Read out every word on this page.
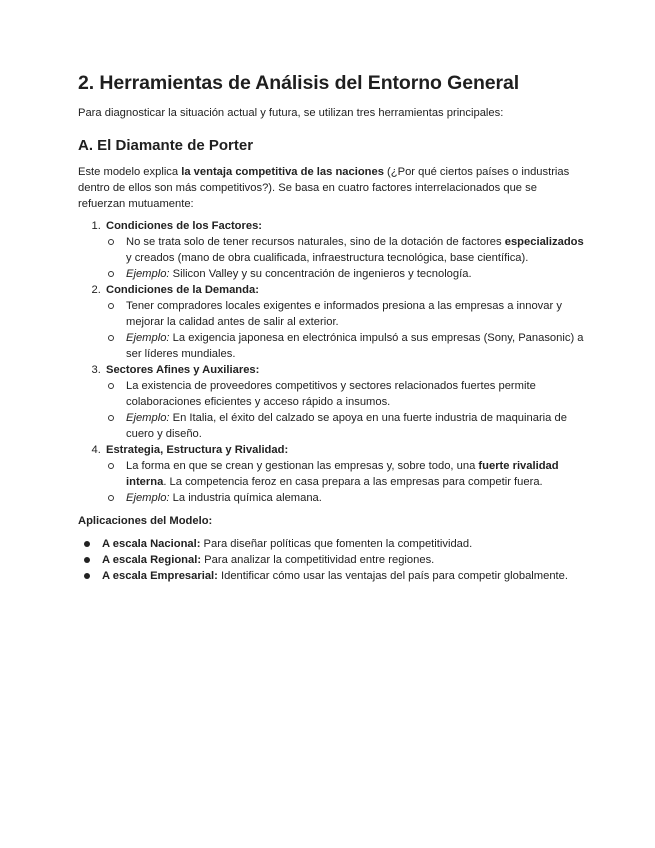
2. Herramientas de Análisis del Entorno General

Para diagnosticar la situación actual y futura, se utilizan tres herramientas principales:

A. El Diamante de Porter

Este modelo explica la ventaja competitiva de las naciones (¿Por qué ciertos países o industrias dentro de ellos son más competitivos?). Se basa en cuatro factores interrelacionados que se refuerzan mutuamente:

1. Condiciones de los Factores:
No se trata solo de tener recursos naturales, sino de la dotación de factores especializados y creados (mano de obra cualificada, infraestructura tecnológica, base científica).
Ejemplo: Silicon Valley y su concentración de ingenieros y tecnología.
2. Condiciones de la Demanda:
Tener compradores locales exigentes e informados presiona a las empresas a innovar y mejorar la calidad antes de salir al exterior.
Ejemplo: La exigencia japonesa en electrónica impulsó a sus empresas (Sony, Panasonic) a ser líderes mundiales.
3. Sectores Afines y Auxiliares:
La existencia de proveedores competitivos y sectores relacionados fuertes permite colaboraciones eficientes y acceso rápido a insumos.
Ejemplo: En Italia, el éxito del calzado se apoya en una fuerte industria de maquinaria de cuero y diseño.
4. Estrategia, Estructura y Rivalidad:
La forma en que se crean y gestionan las empresas y, sobre todo, una fuerte rivalidad interna. La competencia feroz en casa prepara a las empresas para competir fuera.
Ejemplo: La industria química alemana.
Aplicaciones del Modelo:
A escala Nacional: Para diseñar políticas que fomenten la competitividad.
A escala Regional: Para analizar la competitividad entre regiones.
A escala Empresarial: Identificar cómo usar las ventajas del país para competir globalmente.
